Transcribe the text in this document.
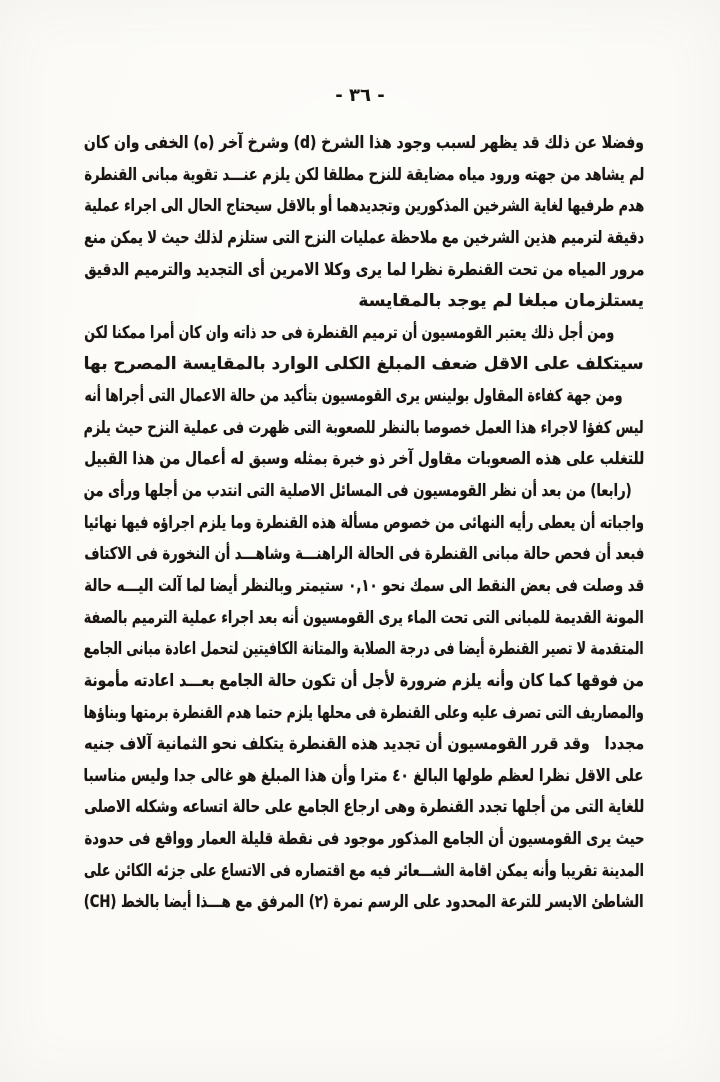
- ٣٦ -
وفضلا عن ذلك قد يظهر لسبب وجود هذا الشرخ (d) وشرخ آخر (ه) الخفى وان كان
لم يشاهد من جهته ورود مياه مضايقة للنزح مطلقا لكن يلزم عنـــد تقوية مبانى القنطرة
هدم طرفيها لغاية الشرخين المذكورين وتجديدهما أو بالاقل سيحتاج الحال الى اجراء عملية
دقيقة لترميم هذين الشرخين مع ملاحظة عمليات النزح التى ستلزم لذلك حيث لا يمكن منع
مرور المياه من تحت القنطرة نظرا لما يرى وكلا الامرين أى التجديد والترميم الدقيق
يستلزمان مبلغا لم يوجد بالمقايسة
ومن أجل ذلك يعتبر القومسيون أن ترميم القنطرة فى حد ذاته وان كان أمرا ممكنا لكن
سيتكلف على الاقل ضعف المبلغ الكلى الوارد بالمقايسة المصرح بها
ومن جهة كفاءة المقاول بولينس يرى القومسيون بتأكيد من حالة الاعمال التى أجراها أنه
ليس كفؤا لاجراء هذا العمل خصوصا بالنظر للصعوبة التى ظهرت فى عملية النزح حيث يلزم
للتغلب على هذه الصعوبات مقاول آخر ذو خبرة بمثله وسبق له أعمال من هذا القبيل
(رابعا) من بعد أن نظر القومسيون فى المسائل الاصلية التى انتدب من أجلها ورأى من
واجباته أن يعطى رأيه النهائى من خصوص مسألة هذه القنطرة وما يلزم اجراؤه فيها نهائيا
فبعد أن فحص حالة مبانى القنطرة فى الحالة الراهنـــة وشاهـــد أن النخورة فى الاكتاف
قد وصلت فى بعض النقط الى سمك نحو ٠,١٠ ستيمتر وبالنظر أيضا لما آلت اليـــه حالة
المونة القديمة للمبانى التى تحت الماء يرى القومسيون أنه بعد اجراء عملية الترميم بالصفة
المتقدمة لا تصير القنطرة أيضا فى درجة الصلابة والمتانة الكافيتين لتحمل اعادة مبانى الجامع
من فوقها كما كان وأنه يلزم ضرورة لأجل أن تكون حالة الجامع بعـــد اعادته مأمونة
والمصاريف التى تصرف عليه وعلى القنطرة فى محلها يلزم حتما هدم القنطرة برمتها وبناؤها
مجددا   وقد قرر القومسيون أن تجديد هذه القنطرة يتكلف نحو الثمانية آلاف جنيه
على الاقل نظرا لعظم طولها البالغ ٤٠ مترا وأن هذا المبلغ هو غالى جدا وليس مناسبا
للغاية التى من أجلها تجدد القنطرة وهى ارجاع الجامع على حالة اتساعه وشكله الاصلى
حيث يرى القومسيون أن الجامع المذكور موجود فى نقطة قليلة العمار وواقع فى حدودة
المدينة تقريبا وأنه يمكن اقامة الشـــعائر فيه مع اقتصاره فى الاتساع على جزئه الكائن على
الشاطئ الايسر للترعة المحدود على الرسم نمرة (٢) المرفق مع هـــذا أيضا بالخط (CH)
